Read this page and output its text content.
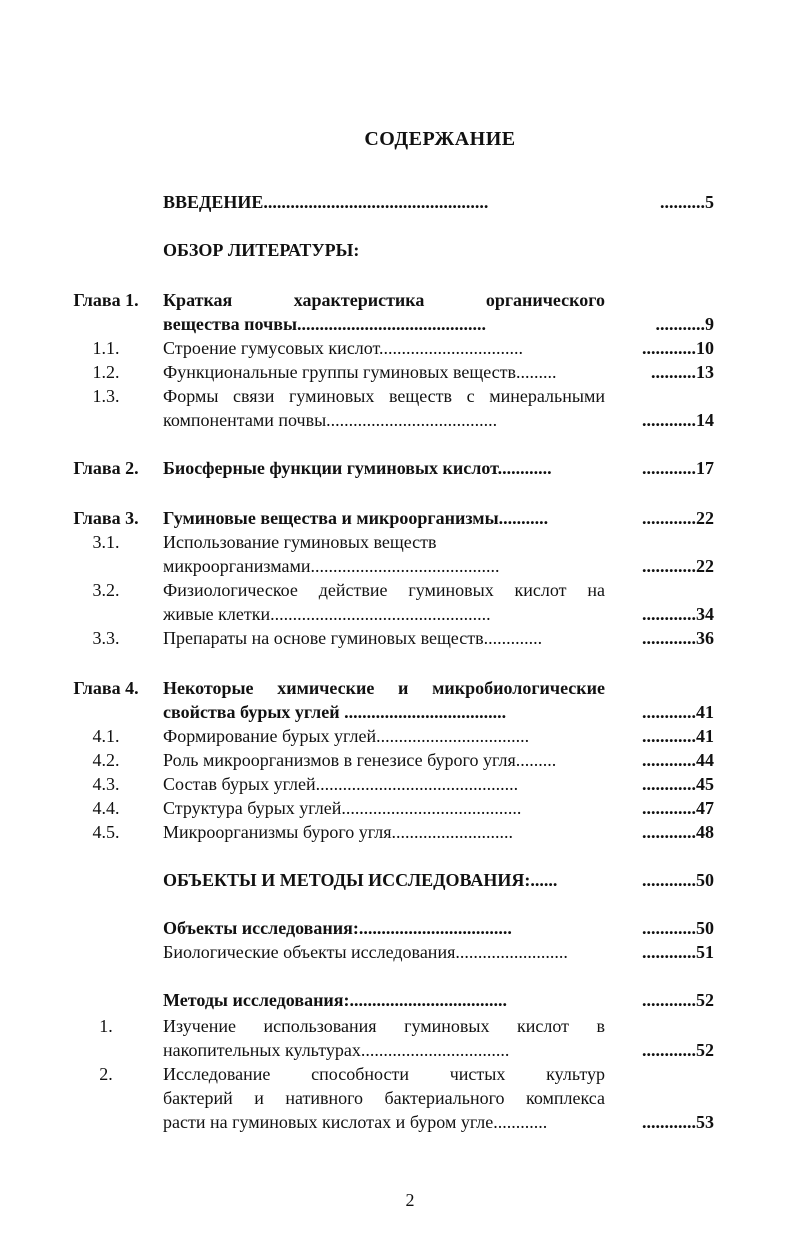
СОДЕРЖАНИЕ
ВВЕДЕНИЕ..................................................	..........5
ОБЗОР ЛИТЕРАТУРЫ:
Глава 1.	Краткая характеристика органического
вещества почвы..........................................	...........9
1.1.	Строение гумусовых кислот................................	............10
1.2.	Функциональные группы гуминовых веществ.........	..........13
1.3.	Формы связи гуминовых веществ с минеральными
компонентами почвы......................................	............14
Глава 2.	Биосферные функции гуминовых кислот............	............17
Глава 3.	Гуминовые вещества и микроорганизмы...........	............22
3.1.	Использование гуминовых веществ
микроорганизмами..........................................	............22
3.2.	Физиологическое действие гуминовых кислот на
живые клетки.................................................	............34
3.3.	Препараты на основе гуминовых веществ.............	............36
Глава 4.	Некоторые химические и микробиологические
свойства бурых углей ....................................	............41
4.1.	Формирование бурых углей..................................	............41
4.2.	Роль микроорганизмов в генезисе бурого угля.........	............44
4.3.	Состав бурых углей.............................................	............45
4.4.	Структура бурых углей........................................	............47
4.5.	Микроорганизмы бурого угля...........................	............48
ОБЪЕКТЫ И МЕТОДЫ ИССЛЕДОВАНИЯ:......	............50
Объекты исследования:..................................	............50
Биологические объекты исследования.........................	............51
Методы исследования:...................................	............52
1.	Изучение использования гуминовых кислот в
накопительных культурах.................................	............52
2.	Исследование способности чистых культур
бактерий и нативного бактериального комплекса
расти на гуминовых кислотах и буром угле............	............53
2
